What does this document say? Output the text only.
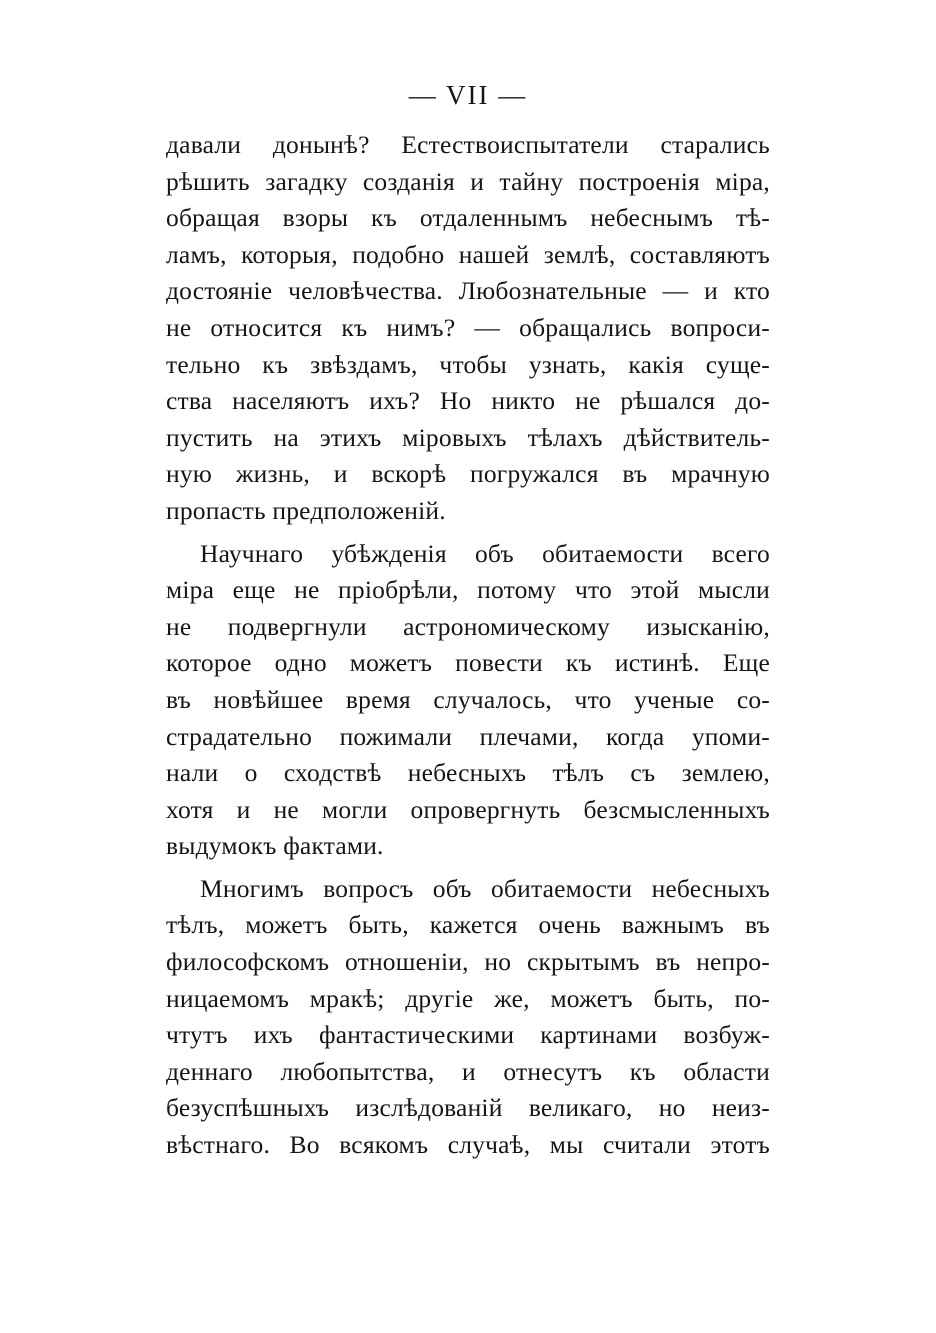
— VII —
давали донынѣ? Естествоиспытатели старались
рѣшить загадку созданія и тайну построенія міра,
обращая взоры къ отдаленнымъ небеснымъ тѣ-
ламъ, которыя, подобно нашей землѣ, составляютъ
достояніе человѣчества. Любознательные — и кто
не относится къ нимъ? — обращались вопроси-
тельно къ звѣздамъ, чтобы узнать, какія суще-
ства населяютъ ихъ? Но никто не рѣшался до-
пустить на этихъ міровыхъ тѣлахъ дѣйствитель-
ную жизнь, и вскорѣ погружался въ мрачную
пропасть предположеній.
Научнаго убѣжденія объ обитаемости всего
міра еще не пріобрѣли, потому что этой мысли
не подвергнули астрономическому изысканію,
которое одно можетъ повести къ истинѣ. Еще
въ новѣйшее время случалось, что ученые со-
страдательно пожимали плечами, когда упоми-
нали о сходствѣ небесныхъ тѣлъ съ землею,
хотя и не могли опровергнуть безсмысленныхъ
выдумокъ фактами.
Многимъ вопросъ объ обитаемости небесныхъ
тѣлъ, можетъ быть, кажется очень важнымъ въ
философскомъ отношеніи, но скрытымъ въ непро-
ницаемомъ мракѣ; другіе же, можетъ быть, по-
чтутъ ихъ фантастическими картинами возбуж-
деннаго любопытства, и отнесутъ къ области
безуспѣшныхъ изслѣдованій великаго, но неиз-
вѣстнаго. Во всякомъ случаѣ, мы считали этотъ
